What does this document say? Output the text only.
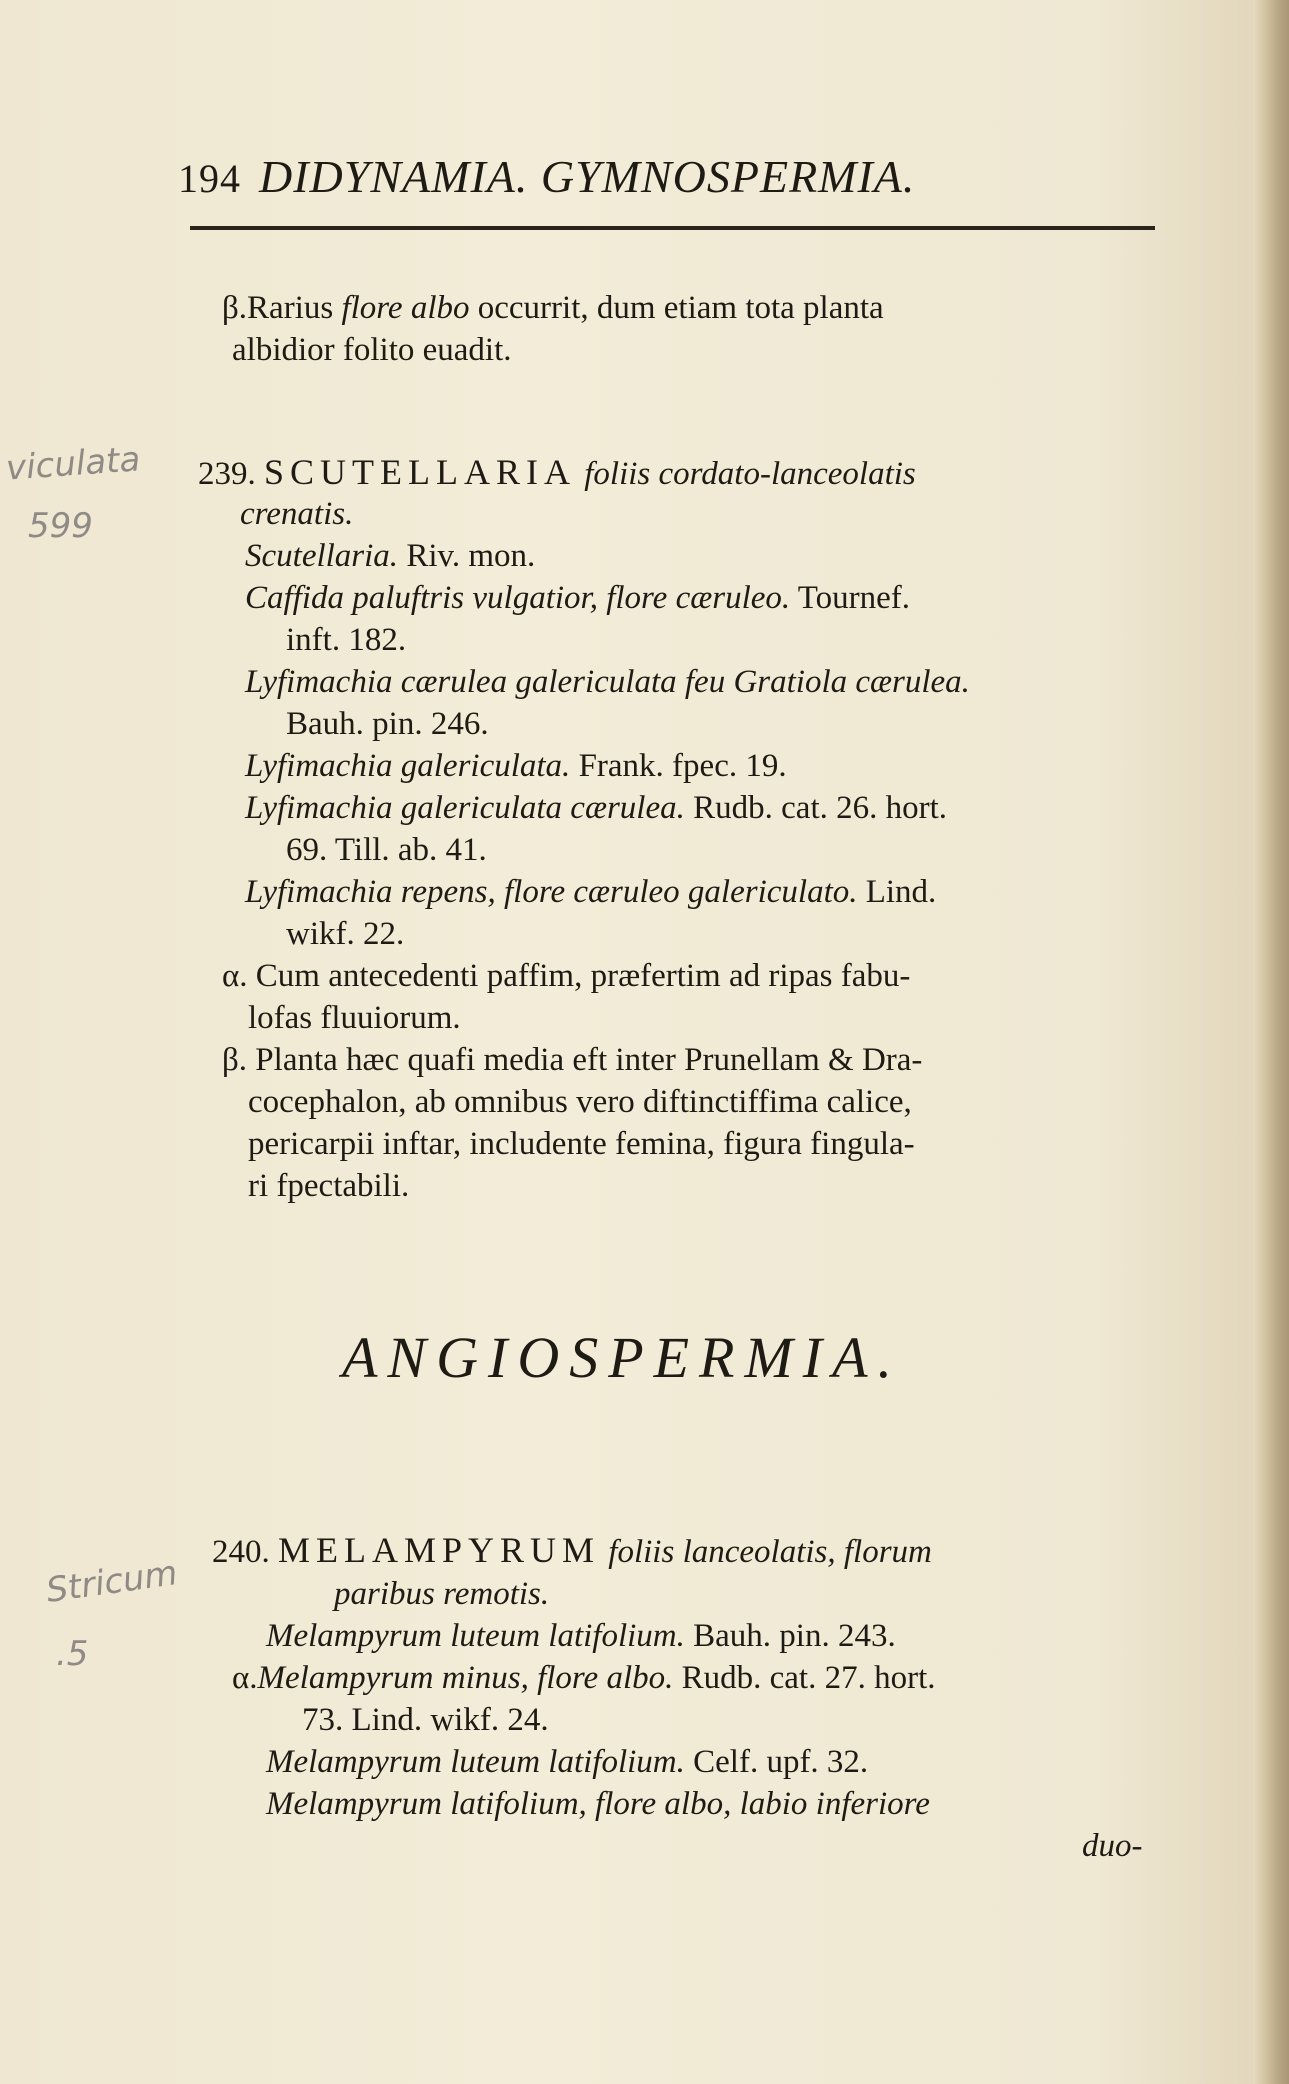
194 DIDYNAMIA. GYMNOSPERMIA.
β.Rarius flore albo occurrit, dum etiam tota planta
albidior folito euadit.
239. SCUTELLARIA foliis cordato-lanceolatis
crenatis.
Scutellaria. Riv. mon.
Caffida paluftris vulgatior, flore cæruleo. Tournef.
inft. 182.
Lyfimachia cærulea galericulata feu Gratiola cærulea.
Bauh. pin. 246.
Lyfimachia galericulata. Frank. fpec. 19.
Lyfimachia galericulata cærulea. Rudb. cat. 26. hort.
69. Till. ab. 41.
Lyfimachia repens, flore cæruleo galericulato. Lind.
wikf. 22.
α. Cum antecedenti paffim, præfertim ad ripas fabu-
lofas fluuiorum.
β. Planta hæc quafi media eft inter Prunellam & Dra-
cocephalon, ab omnibus vero diftinctiffima calice,
pericarpii inftar, includente femina, figura fingula-
ri fpectabili.
ANGIOSPERMIA.
240. MELAMPYRUM foliis lanceolatis, florum
paribus remotis.
Melampyrum luteum latifolium. Bauh. pin. 243.
α.Melampyrum minus, flore albo. Rudb. cat. 27. hort.
73. Lind. wikf. 24.
Melampyrum luteum latifolium. Celf. upf. 32.
Melampyrum latifolium, flore albo, labio inferiore
duo-
viculata
599
Stricum
.5
